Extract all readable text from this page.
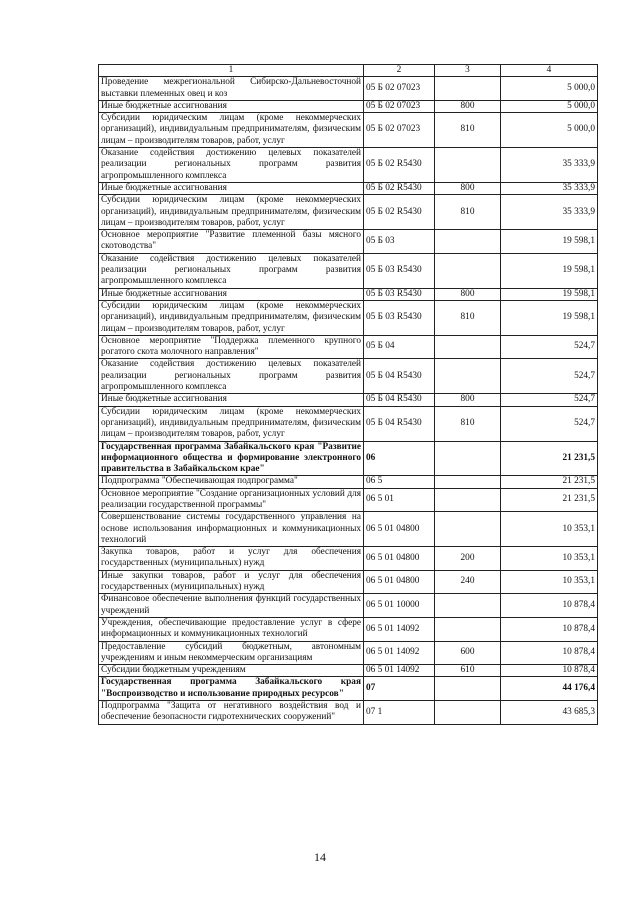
1	2	3	4
Проведение межрегиональной Сибирско-Дальневосточной выставки племенных овец и коз	05 Б 02 07023		5 000,0
Иные бюджетные ассигнования	05 Б 02 07023	800	5 000,0
Субсидии юридическим лицам (кроме некоммерческих организаций), индивидуальным предпринимателям, физическим лицам – производителям товаров, работ, услуг	05 Б 02 07023	810	5 000,0
Оказание содействия достижению целевых показателей реализации региональных программ развития агропромышленного комплекса	05 Б 02 R5430		35 333,9
Иные бюджетные ассигнования	05 Б 02 R5430	800	35 333,9
Субсидии юридическим лицам (кроме некоммерческих организаций), индивидуальным предпринимателям, физическим лицам – производителям товаров, работ, услуг	05 Б 02 R5430	810	35 333,9
Основное мероприятие "Развитие племенной базы мясного скотоводства"	05 Б 03		19 598,1
Оказание содействия достижению целевых показателей реализации региональных программ развития агропромышленного комплекса	05 Б 03 R5430		19 598,1
Иные бюджетные ассигнования	05 Б 03 R5430	800	19 598,1
Субсидии юридическим лицам (кроме некоммерческих организаций), индивидуальным предпринимателям, физическим лицам – производителям товаров, работ, услуг	05 Б 03 R5430	810	19 598,1
Основное мероприятие "Поддержка племенного крупного рогатого скота молочного направления"	05 Б 04		524,7
Оказание содействия достижению целевых показателей реализации региональных программ развития агропромышленного комплекса	05 Б 04 R5430		524,7
Иные бюджетные ассигнования	05 Б 04 R5430	800	524,7
Субсидии юридическим лицам (кроме некоммерческих организаций), индивидуальным предпринимателям, физическим лицам – производителям товаров, работ, услуг	05 Б 04 R5430	810	524,7
Государственная программа Забайкальского края "Развитие информационного общества и формирование электронного правительства в Забайкальском крае"	06		21 231,5
Подпрограмма "Обеспечивающая подпрограмма"	06 5		21 231,5
Основное мероприятие "Создание организационных условий для реализации государственной программы"	06 5 01		21 231,5
Совершенствование системы государственного управления на основе использования информационных и коммуникационных технологий	06 5 01 04800		10 353,1
Закупка товаров, работ и услуг для обеспечения государственных (муниципальных) нужд	06 5 01 04800	200	10 353,1
Иные закупки товаров, работ и услуг для обеспечения государственных (муниципальных) нужд	06 5 01 04800	240	10 353,1
Финансовое обеспечение выполнения функций государственных учреждений	06 5 01 10000		10 878,4
Учреждения, обеспечивающие предоставление услуг в сфере информационных и коммуникационных технологий	06 5 01 14092		10 878,4
Предоставление субсидий бюджетным, автономным учреждениям и иным некоммерческим организациям	06 5 01 14092	600	10 878,4
Субсидии бюджетным учреждениям	06 5 01 14092	610	10 878,4
Государственная программа Забайкальского края "Воспроизводство и использование природных ресурсов"	07		44 176,4
Подпрограмма "Защита от негативного воздействия вод и обеспечение безопасности гидротехнических сооружений"	07 1		43 685,3
14
